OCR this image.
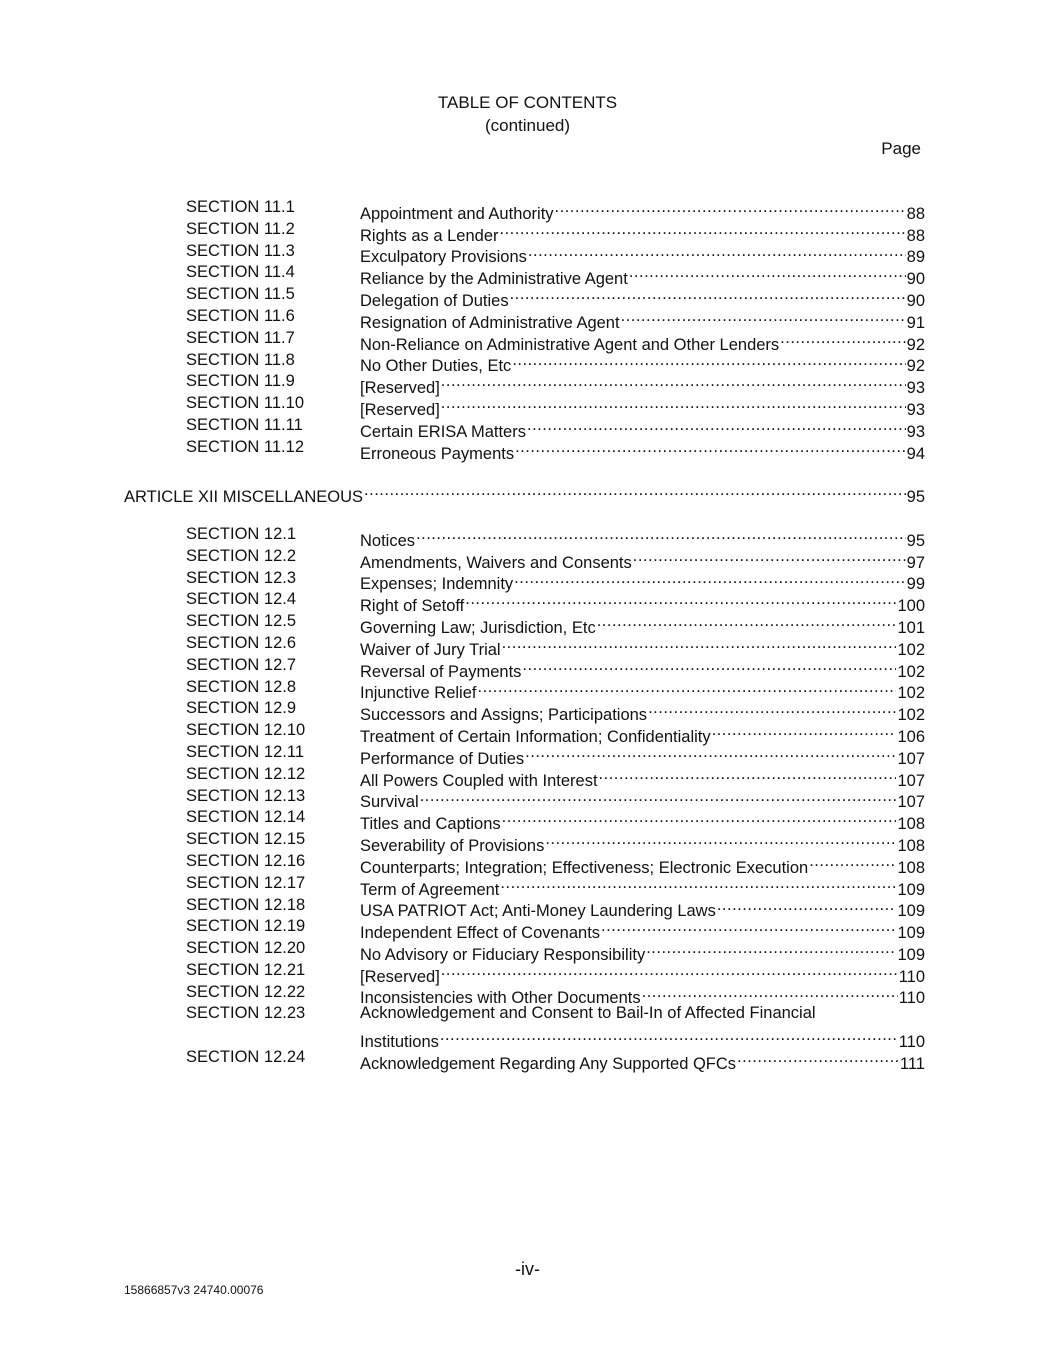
TABLE OF CONTENTS
(continued)
Page
SECTION 11.1	Appointment and Authority .....	88
SECTION 11.2	Rights as a Lender .....	88
SECTION 11.3	Exculpatory Provisions .....	89
SECTION 11.4	Reliance by the Administrative Agent .....	90
SECTION 11.5	Delegation of Duties .....	90
SECTION 11.6	Resignation of Administrative Agent .....	91
SECTION 11.7	Non-Reliance on Administrative Agent and Other Lenders .....	92
SECTION 11.8	No Other Duties, Etc .....	92
SECTION 11.9	[Reserved] .....	93
SECTION 11.10	[Reserved] .....	93
SECTION 11.11	Certain ERISA Matters .....	93
SECTION 11.12	Erroneous Payments .....	94
ARTICLE XII MISCELLANEOUS .....	95
SECTION 12.1	Notices .....	95
SECTION 12.2	Amendments, Waivers and Consents .....	97
SECTION 12.3	Expenses; Indemnity .....	99
SECTION 12.4	Right of Setoff .....	100
SECTION 12.5	Governing Law; Jurisdiction, Etc .....	101
SECTION 12.6	Waiver of Jury Trial .....	102
SECTION 12.7	Reversal of Payments .....	102
SECTION 12.8	Injunctive Relief .....	102
SECTION 12.9	Successors and Assigns; Participations .....	102
SECTION 12.10	Treatment of Certain Information; Confidentiality .....	106
SECTION 12.11	Performance of Duties .....	107
SECTION 12.12	All Powers Coupled with Interest .....	107
SECTION 12.13	Survival .....	107
SECTION 12.14	Titles and Captions .....	108
SECTION 12.15	Severability of Provisions .....	108
SECTION 12.16	Counterparts; Integration; Effectiveness; Electronic Execution .....	108
SECTION 12.17	Term of Agreement .....	109
SECTION 12.18	USA PATRIOT Act; Anti-Money Laundering Laws .....	109
SECTION 12.19	Independent Effect of Covenants .....	109
SECTION 12.20	No Advisory or Fiduciary Responsibility .....	109
SECTION 12.21	[Reserved] .....	110
SECTION 12.22	Inconsistencies with Other Documents .....	110
SECTION 12.23	Acknowledgement and Consent to Bail-In of Affected Financial
Institutions .....	110
SECTION 12.24	Acknowledgement Regarding Any Supported QFCs .....	111
-iv-
15866857v3 24740.00076
